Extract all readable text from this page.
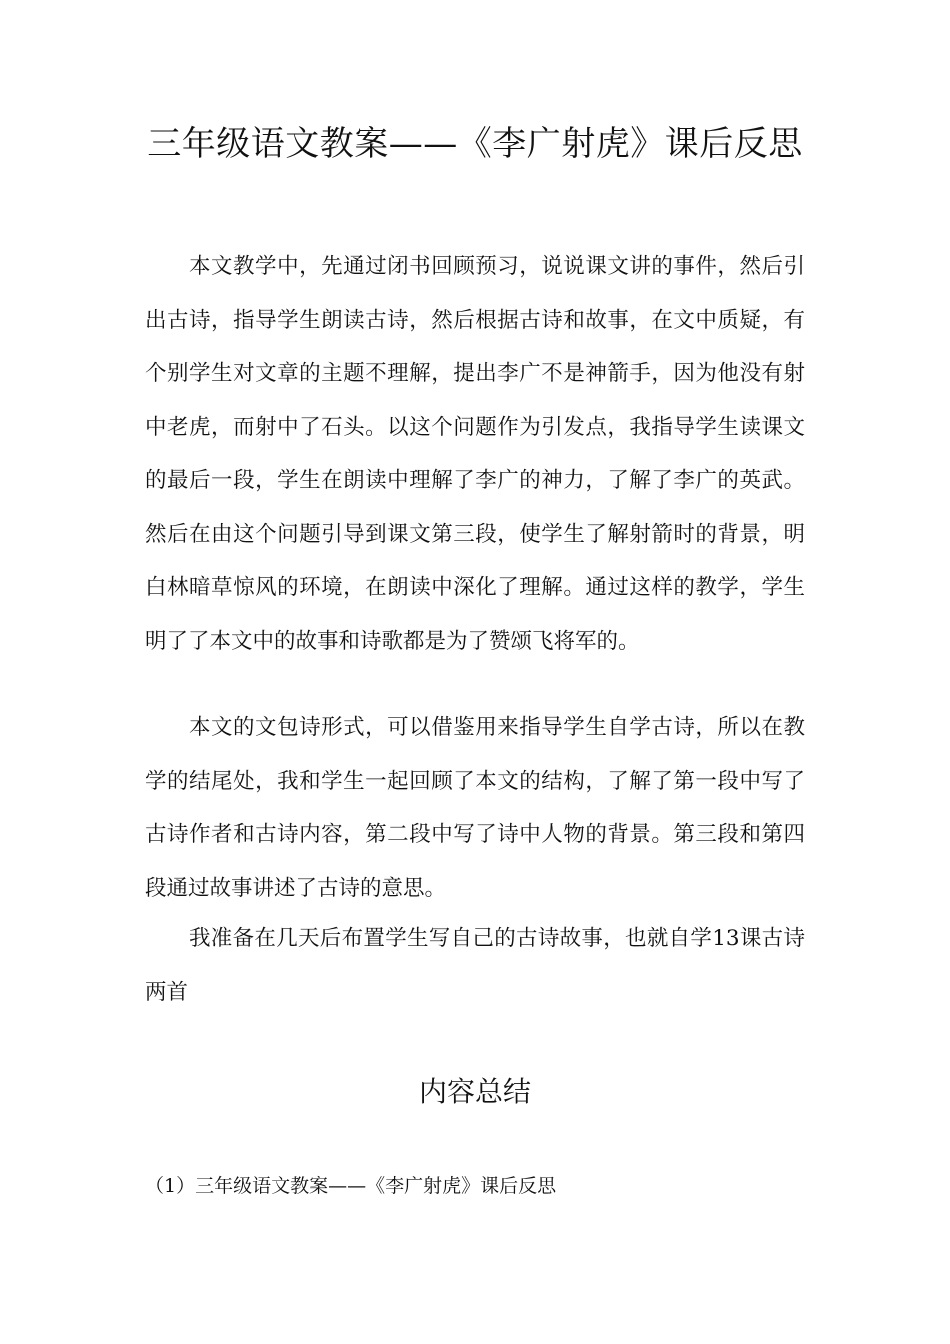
三年级语文教案——《李广射虎》课后反思

本文教学中，先通过闭书回顾预习，说说课文讲的事件，然后引出古诗，指导学生朗读古诗，然后根据古诗和故事，在文中质疑，有个别学生对文章的主题不理解，提出李广不是神箭手，因为他没有射中老虎，而射中了石头。以这个问题作为引发点，我指导学生读课文的最后一段，学生在朗读中理解了李广的神力，了解了李广的英武。然后在由这个问题引导到课文第三段，使学生了解射箭时的背景，明白林暗草惊风的环境，在朗读中深化了理解。通过这样的教学，学生明了了本文中的故事和诗歌都是为了赞颂飞将军的。

本文的文包诗形式，可以借鉴用来指导学生自学古诗，所以在教学的结尾处，我和学生一起回顾了本文的结构，了解了第一段中写了古诗作者和古诗内容，第二段中写了诗中人物的背景。第三段和第四段通过故事讲述了古诗的意思。

我准备在几天后布置学生写自己的古诗故事，也就自学13课古诗两首

内容总结

（1）三年级语文教案——《李广射虎》课后反思
